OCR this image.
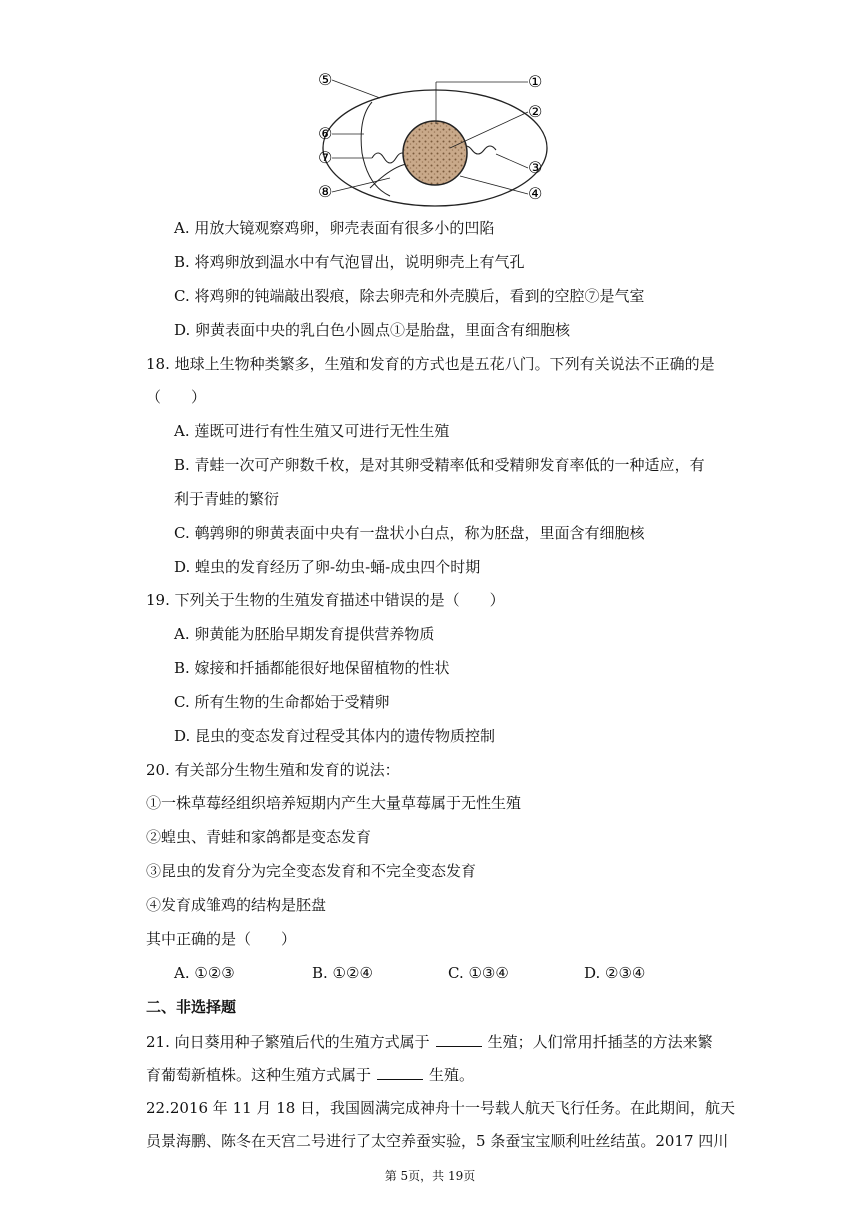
⑤
⑥
⑦
⑧
①
②
③
④
A. 用放大镜观察鸡卵，卵壳表面有很多小的凹陷
B. 将鸡卵放到温水中有气泡冒出，说明卵壳上有气孔
C. 将鸡卵的钝端敲出裂痕，除去卵壳和外壳膜后，看到的空腔⑦是气室
D. 卵黄表面中央的乳白色小圆点①是胎盘，里面含有细胞核
18. 地球上生物种类繁多，生殖和发育的方式也是五花八门。下列有关说法不正确的是
（　　）
A. 莲既可进行有性生殖又可进行无性生殖
B. 青蛙一次可产卵数千枚，是对其卵受精率低和受精卵发育率低的一种适应，有
利于青蛙的繁衍
C. 鹌鹑卵的卵黄表面中央有一盘状小白点，称为胚盘，里面含有细胞核
D. 蝗虫的发育经历了卵-幼虫-蛹-成虫四个时期
19. 下列关于生物的生殖发育描述中错误的是（　　）
A. 卵黄能为胚胎早期发育提供营养物质
B. 嫁接和扦插都能很好地保留植物的性状
C. 所有生物的生命都始于受精卵
D. 昆虫的变态发育过程受其体内的遗传物质控制
20. 有关部分生物生殖和发育的说法：
①一株草莓经组织培养短期内产生大量草莓属于无性生殖
②蝗虫、青蛙和家鸽都是变态发育
③昆虫的发育分为完全变态发育和不完全变态发育
④发育成雏鸡的结构是胚盘
其中正确的是（　　）
A. ①②③	B. ①②④	C. ①③④	D. ②③④
二、非选择题
21. 向日葵用种子繁殖后代的生殖方式属于	生殖；人们常用扦插茎的方法来繁
育葡萄新植株。这种生殖方式属于	生殖。
22.2016 年 11 月 18 日，我国圆满完成神舟十一号载人航天飞行任务。在此期间，航天
员景海鹏、陈冬在天宫二号进行了太空养蚕实验，5 条蚕宝宝顺利吐丝结茧。2017 四川
第 5页，共 19页
